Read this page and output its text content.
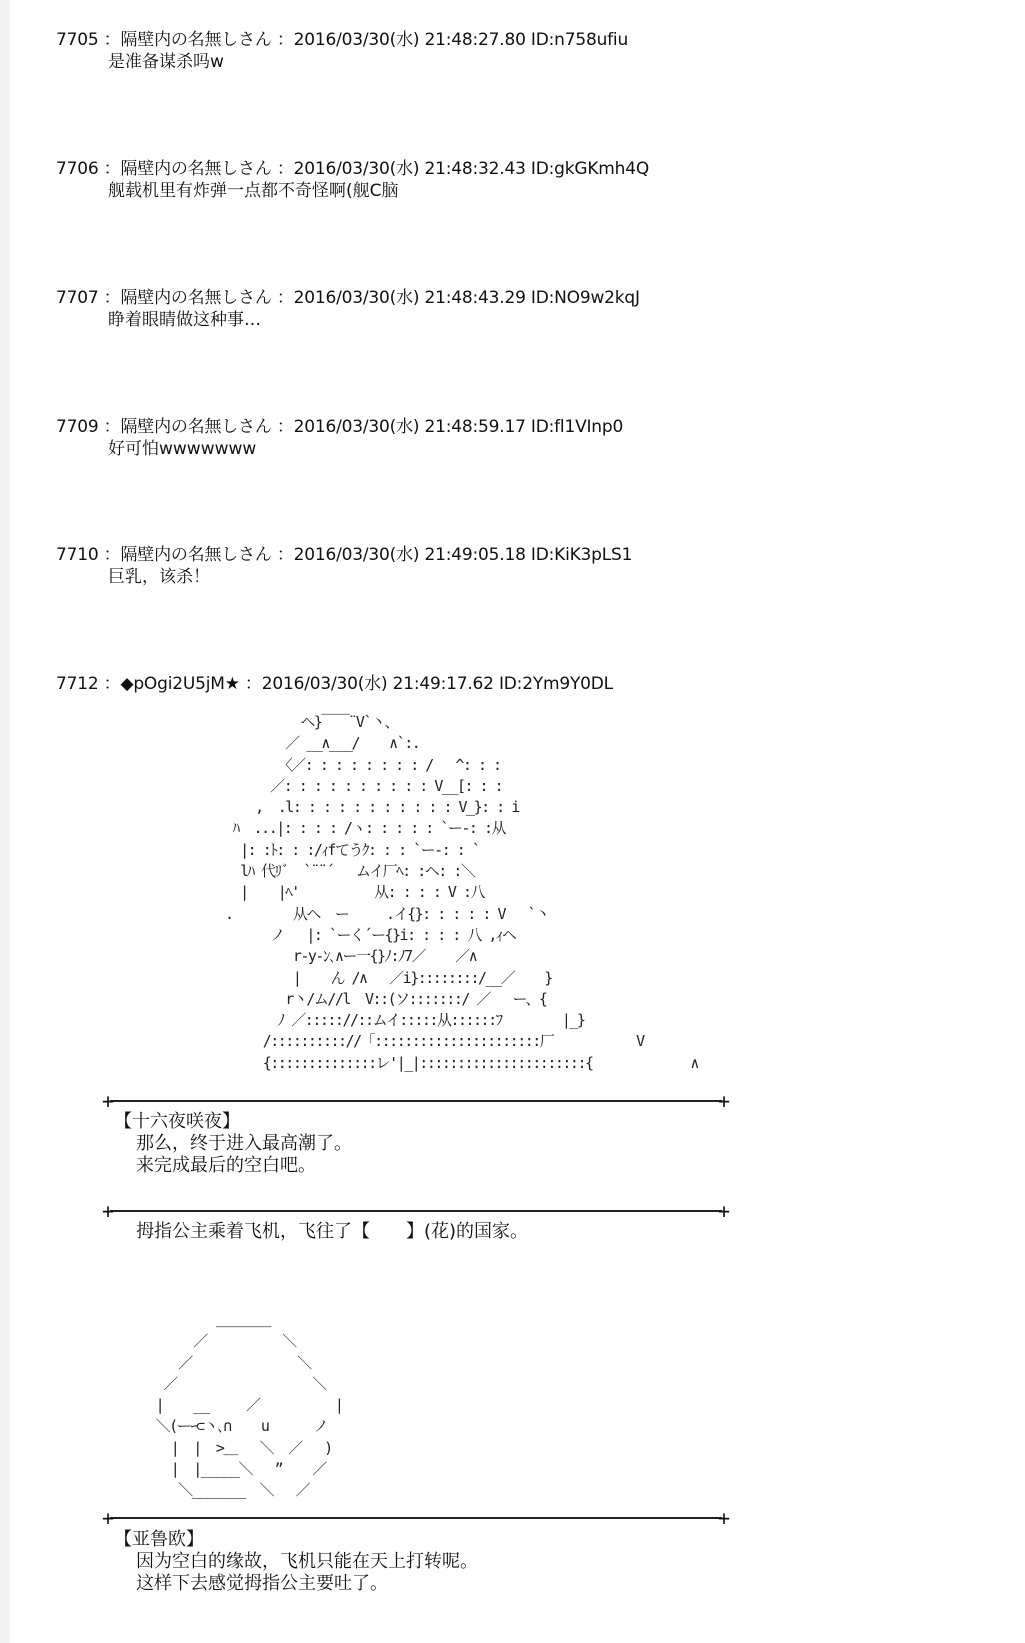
7705 ：隔壁内の名無しさん ：2016/03/30(水) 21:48:27.80 ID:n758ufiu
是准备谋杀吗w
7706 ：隔壁内の名無しさん ：2016/03/30(水) 21:48:32.43 ID:gkGKmh4Q
舰载机里有炸弹一点都不奇怪啊(舰C脑
7707 ：隔壁内の名無しさん ：2016/03/30(水) 21:48:43.29 ID:NO9w2kqJ
睁着眼睛做这种事…
7709 ：隔壁内の名無しさん ：2016/03/30(水) 21:48:59.17 ID:fl1VInp0
好可怕wwwwwww
7710 ：隔壁内の名無しさん ：2016/03/30(水) 21:49:05.18 ID:KiK3pLS1
巨乳，该杀！
7712 ：◆pOgi2U5jM★ ：2016/03/30(水) 21:49:17.62 ID:2Ym9Y0DL
ヘ}￣￣¨V`丶、
／ __∧___/    ∧`:.
〈／: : : : : : : : /   ^: : :
／: : : : : : : : : : V__[: : :
,  .l: : : : : : : : : : : V_}: : i
ﾊ  ...|: : : : /ヽ: : : : : `ー-: :从
|: :ﾄ: : :/ｨfてうｸ: : : `ー-: : `
lﾊ 代ﾘﾞ  `¨¨´   ムイ厂ﾍ: :ヘ: :＼
|    |ﾍ'          从: : : : V :八
.        从ヘ  ー     .イ{}: : : : : V   `丶
ノ   |: `ーく´ー{}i: : : : 八 ,ｨヘ
r-y-ﾝ､∧ー一{}ﾉ:ﾉ7／    ／∧
|    ん /∧   ／i}::::::::/__／    }
r丶/ム//l  V::(ソ:::::::/ ／   ー、{
ﾉ ／::::://::ムイ:::::从::::::ﾌ        |_}
/:::::::::://「::::::::::::::::::::::厂           V
{::::::::::::::レ'|_|::::::::::::::::::::::{             ∧
+	+
【十六夜咲夜】
那么，终于进入最高潮了。
来完成最后的空白吧。
+	+
拇指公主乘着飞机，飞往了【　　】(花)的国家。
＿＿＿＿
／          ＼
／              ＼
／                  ＼
|    __     ／          |
＼(ーｰ⊂丶､∩    u      ノ
|  |  >＿   ＼  ／   )
|  |_____＼   ”    ／
＼_______  ＼   ／
+	+
【亚鲁欧】
因为空白的缘故，飞机只能在天上打转呢。
这样下去感觉拇指公主要吐了。
